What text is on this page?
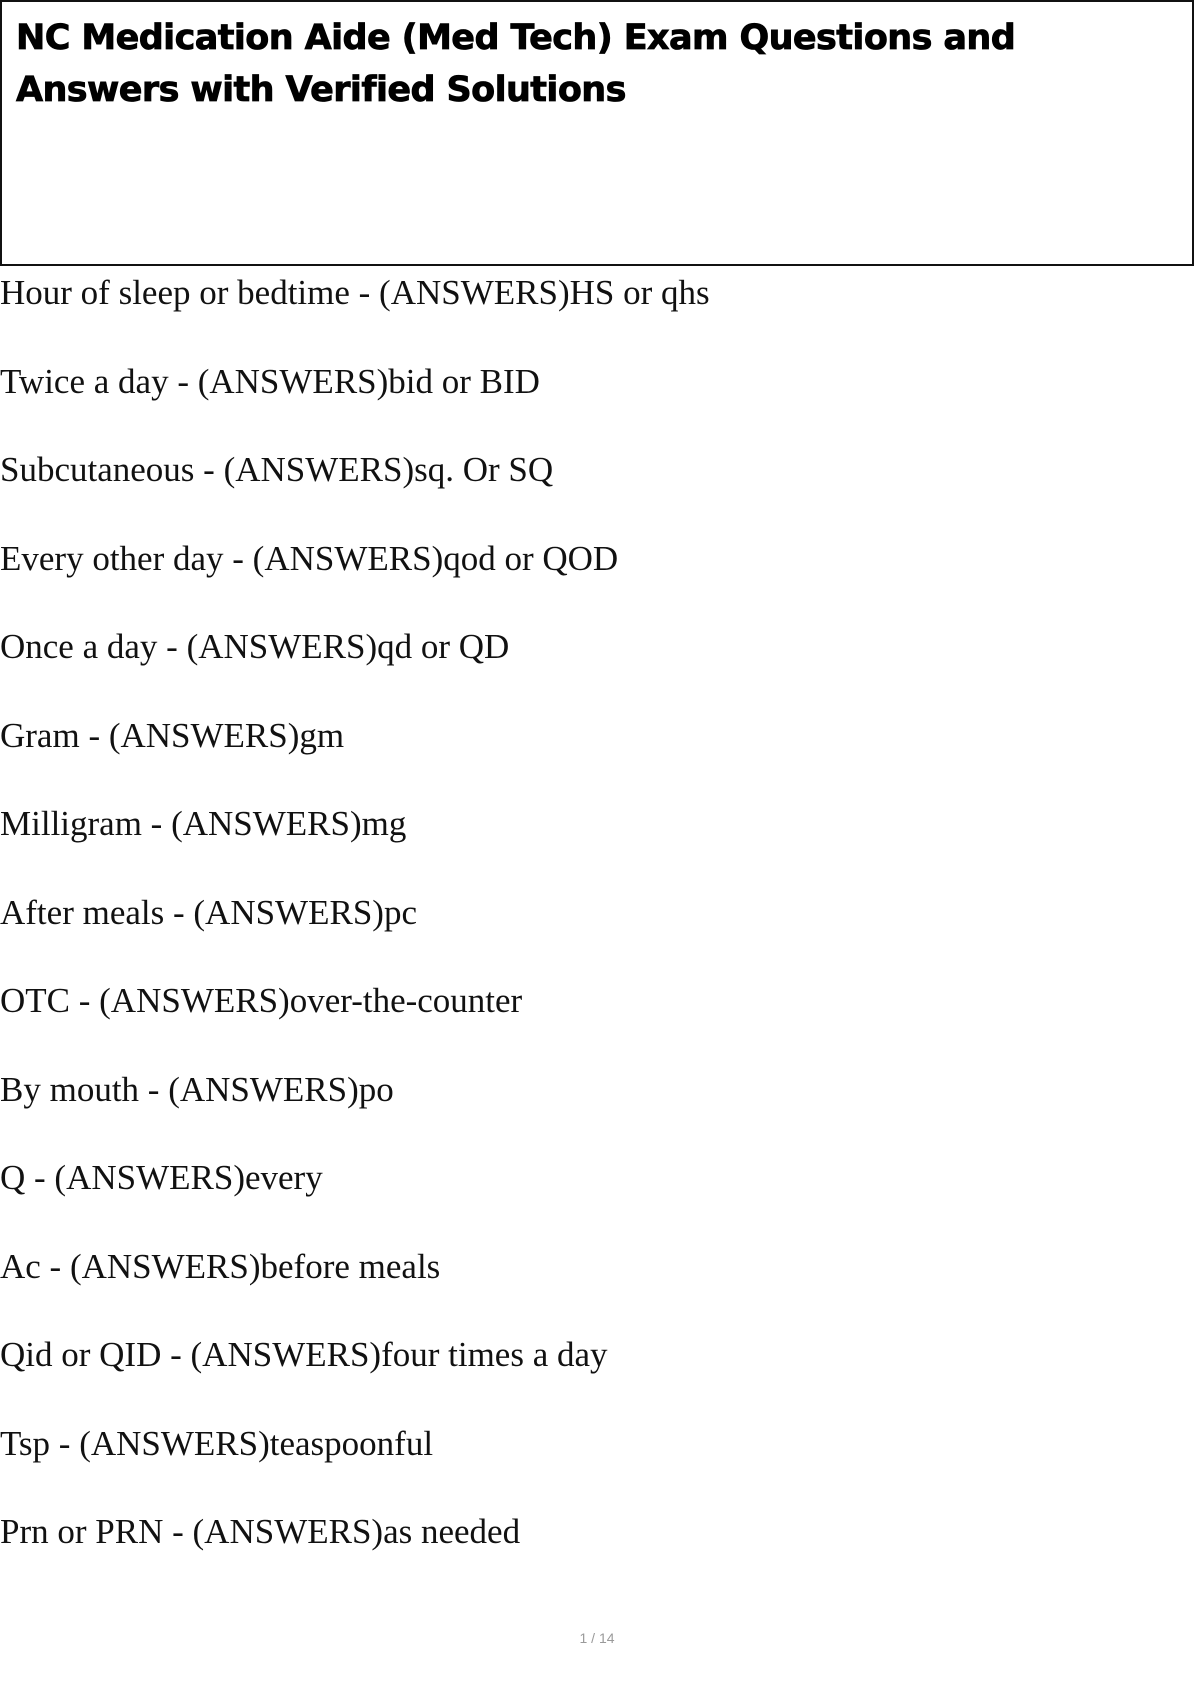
NC Medication Aide (Med Tech) Exam Questions and Answers with Verified Solutions
Hour of sleep or bedtime - (ANSWERS)HS or qhs
Twice a day - (ANSWERS)bid or BID
Subcutaneous - (ANSWERS)sq. Or SQ
Every other day - (ANSWERS)qod or QOD
Once a day - (ANSWERS)qd or QD
Gram - (ANSWERS)gm
Milligram - (ANSWERS)mg
After meals - (ANSWERS)pc
OTC - (ANSWERS)over-the-counter
By mouth - (ANSWERS)po
Q - (ANSWERS)every
Ac - (ANSWERS)before meals
Qid or QID - (ANSWERS)four times a day
Tsp - (ANSWERS)teaspoonful
Prn or PRN - (ANSWERS)as needed
1 / 14
